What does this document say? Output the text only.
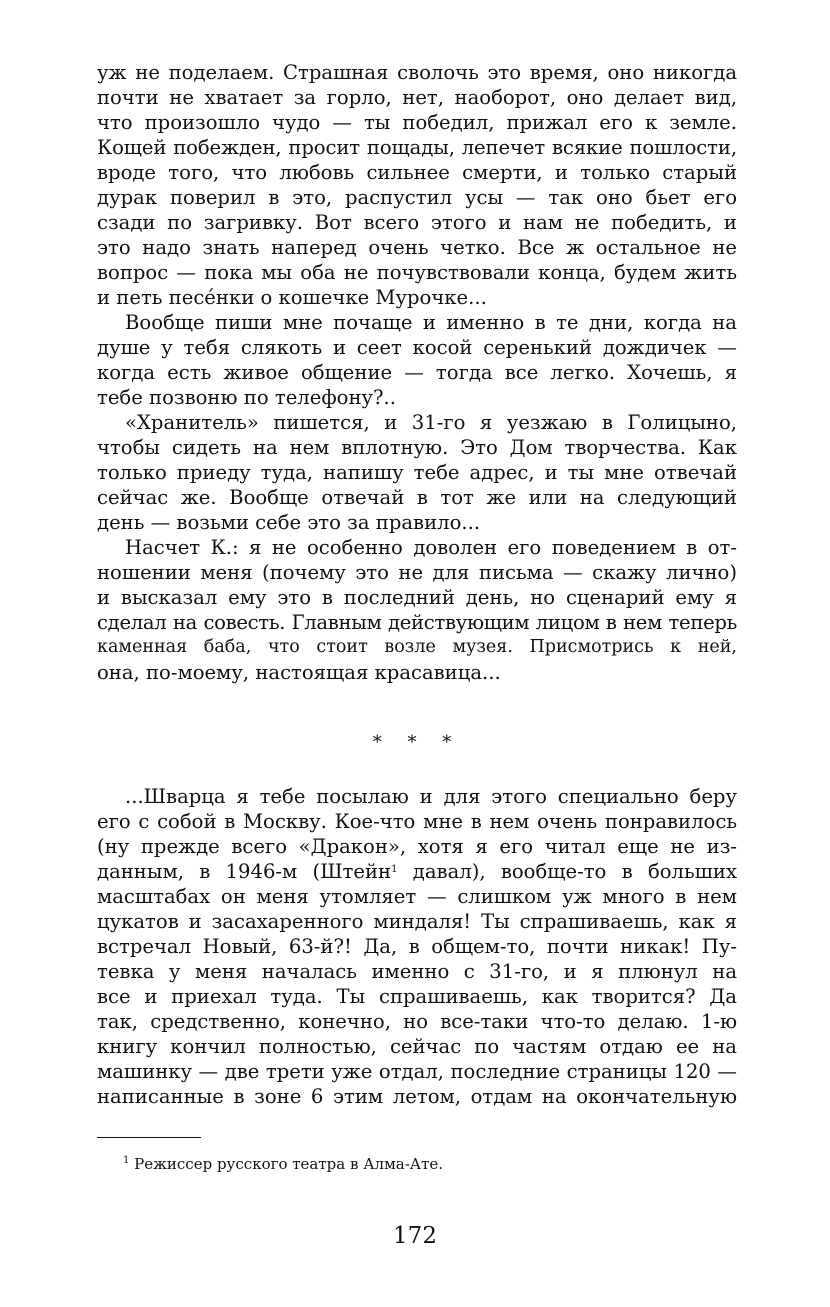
уж не поделаем. Страшная сволочь это время, оно никогда
почти не хватает за горло, нет, наоборот, оно делает вид,
что произошло чудо — ты победил, прижал его к земле.
Кощей побежден, просит пощады, лепечет всякие пошлости,
вроде того, что любовь сильнее смерти, и только старый
дурак поверил в это, распустил усы — так оно бьет его
сзади по загривку. Вот всего этого и нам не победить, и
это надо знать наперед очень четко. Все ж остальное не
вопрос — пока мы оба не почувствовали конца, будем жить
и петь песéнки о кошечке Мурочке...
Вообще пиши мне почаще и именно в те дни, когда на
душе у тебя слякоть и сеет косой серенький дождичек —
когда есть живое общение — тогда все легко. Хочешь, я
тебе позвоню по телефону?..
«Хранитель» пишется, и 31-го я уезжаю в Голицыно,
чтобы сидеть на нем вплотную. Это Дом творчества. Как
только приеду туда, напишу тебе адрес, и ты мне отвечай
сейчас же. Вообще отвечай в тот же или на следующий
день — возьми себе это за правило...
Насчет К.: я не особенно доволен его поведением в от-
ношении меня (почему это не для письма — скажу лично)
и высказал ему это в последний день, но сценарий ему я
сделал на совесть. Главным действующим лицом в нем теперь
каменная баба, что стоит возле музея. Присмотрись к ней,
она, по-моему, настоящая красавица...
* * *
...Шварца я тебе посылаю и для этого специально беру
его с собой в Москву. Кое-что мне в нем очень понравилось
(ну прежде всего «Дракон», хотя я его читал еще не из-
данным, в 1946-м (Штейн$^1$ давал), вообще-то в больших
масштабах он меня утомляет — слишком уж много в нем
цукатов и засахаренного миндаля! Ты спрашиваешь, как я
встречал Новый, 63-й?! Да, в общем-то, почти никак! Пу-
тевка у меня началась именно с 31-го, и я плюнул на
все и приехал туда. Ты спрашиваешь, как творится? Да
так, средственно, конечно, но все-таки что-то делаю. 1-ю
книгу кончил полностью, сейчас по частям отдаю ее на
машинку — две трети уже отдал, последние страницы 120 —
написанные в зоне 6 этим летом, отдам на окончательную
$^1$ Режиссер русского театра в Алма-Ате.
172
